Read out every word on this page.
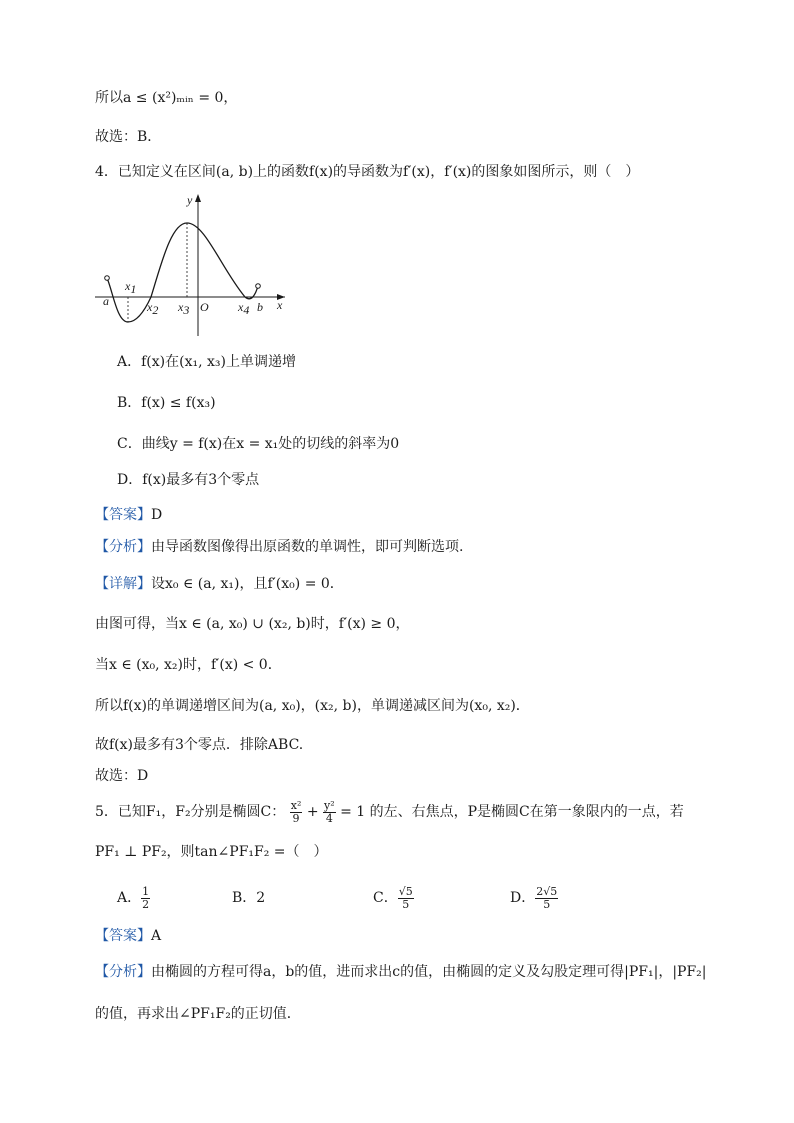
所以a ≤ (x²)ₘᵢₙ = 0，
故选：B．
4．已知定义在区间(a, b)上的函数f(x)的导函数为f′(x)，f′(x)的图象如图所示，则（　）
y
x
O
a	b
x1
x2 x3	x4
A．f(x)在(x₁, x₃)上单调递增
B．f(x) ≤ f(x₃)
C．曲线y = f(x)在x = x₁处的切线的斜率为0
D．f(x)最多有3个零点
【答案】D
【分析】由导函数图像得出原函数的单调性，即可判断选项.
【详解】设x₀ ∈ (a, x₁)，且f′(x₀) = 0．
由图可得，当x ∈ (a, x₀) ∪ (x₂, b)时，f′(x) ≥ 0，
当x ∈ (x₀, x₂)时，f′(x) < 0．
所以f(x)的单调递增区间为(a, x₀)，(x₂, b)，单调递减区间为(x₀, x₂)．
故f(x)最多有3个零点．排除ABC.
故选：D
5．已知F₁，F₂分别是椭圆C： $\frac{\text{x²}}{9} + \frac{\text{y²}}{4} = 1$ 的左、右焦点，P是椭圆C在第一象限内的一点，若
PF₁ ⊥ PF₂，则tan∠PF₁F₂ =（　）
A． $\frac{1}{2}$	B．2	C． $\frac{√5}{5}$	D． $\frac{2√5}{5}$
【答案】A
【分析】由椭圆的方程可得a，b的值，进而求出c的值，由椭圆的定义及勾股定理可得|PF₁|，|PF₂|
的值，再求出∠PF₁F₂的正切值．
